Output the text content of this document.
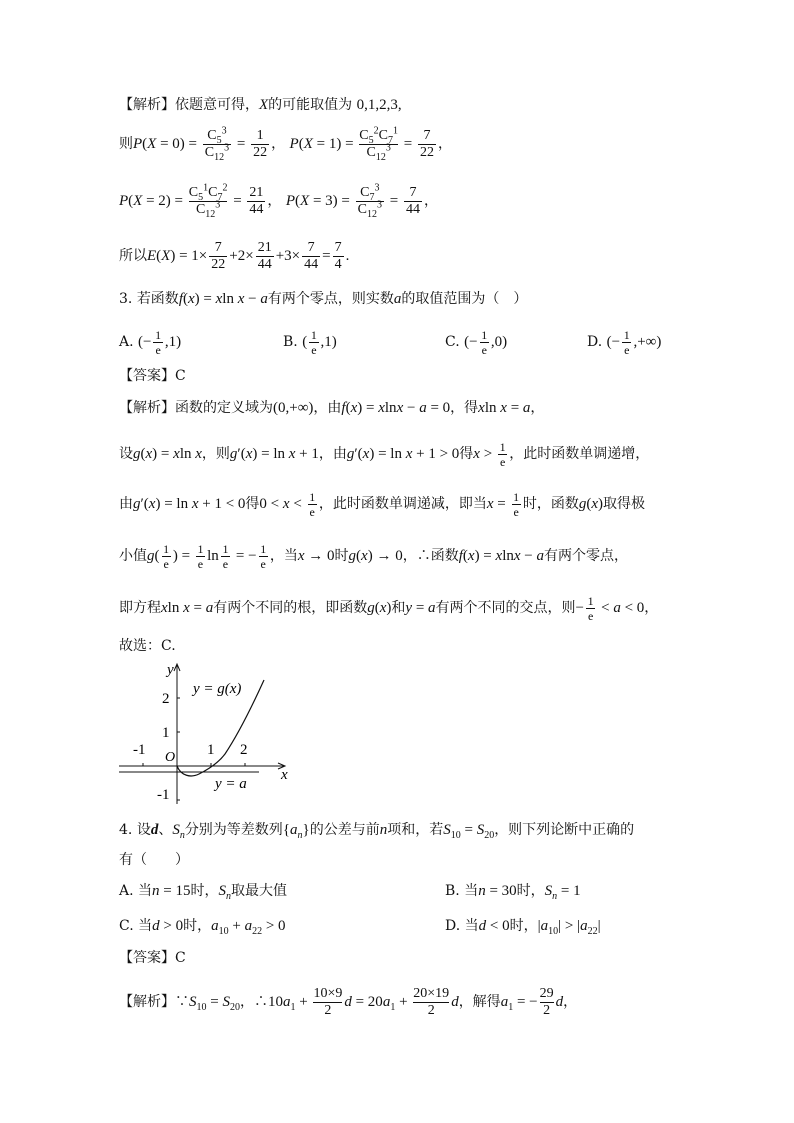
【解析】依题意可得，X的可能取值为 0,1,2,3,
则$P(X = 0) = \frac{C_5^3}{C_{12}^3} = \frac{1}{22}$ ， $P(X = 1) = \frac{C_5^2C_7^1}{C_{12}^3} = \frac{7}{22}$ ，
$P(X = 2) = \frac{C_5^1C_7^2}{C_{12}^3} = \frac{21}{44}$ ， $P(X = 3) = \frac{C_7^3}{C_{12}^3} = \frac{7}{44}$ ，
所以$E(X) = 1\times \frac{7}{22} +2\times \frac{21}{44} +3\times \frac{7}{44} = \frac{7}{4}$ .
3. 若函数f(x) = xln x − a有两个零点，则实数a的取值范围为（　）
A. (− $\frac{1}{e} ,1$)	B. ( $\frac{1}{e} ,1$)	C. (− $\frac{1}{e} ,0$)	D. (− $\frac{1}{e}$ ,+∞)
【答案】C
【解析】函数的定义域为(0,+∞)，由f(x) = xlnx − a = 0，得xln x = a，
设g(x) = xln x，则g′(x) = ln x + 1，由g′(x) = ln x + 1 > 0得$x > \frac{1}{e}$ ，此时函数单调递增，
由g′(x) = ln x + 1 < 0得$0 < x < \frac{1}{e}$ ，此时函数单调递减，即当$x = \frac{1}{e}$ 时，函数g(x)取得极
小值$g( \frac{1}{e}$ ) = $\frac{1}{e}$ $\ln \frac{1}{e}$ = − $\frac{1}{e}$ ，当x → 0时g(x) → 0，∴函数f(x) = xlnx − a有两个零点，
即方程xln x = a有两个不同的根，即函数g(x)和y = a有两个不同的交点，则− $\frac{1}{e} < a < 0$，
故选：C.
y
x
y = g(x)
y = a
O
-1	1 2
2
1
-1
4. 设d、$S_n$分别为等差数列$\{a_n\}$的公差与前n项和，若$S_{10} = S_{20}$，则下列论断中正确的
有（　　）
A. 当n = 15时，$S_n$取最大值	B. 当n = 30时，$S_n = 1$
C. 当d > 0时，$a_{10} + a_{22} > 0$	D. 当d < 0时，$|a_{10}| > |a_{22}|$
【答案】C
【解析】$\because S_{10} = S_{20}$，$\therefore 10a_1 + \frac{10\times 9}{2}$ $d = 20a_1 + \frac{20\times 19}{2}$ d，解得$a_1$ = − $\frac{29}{2}$ d，
